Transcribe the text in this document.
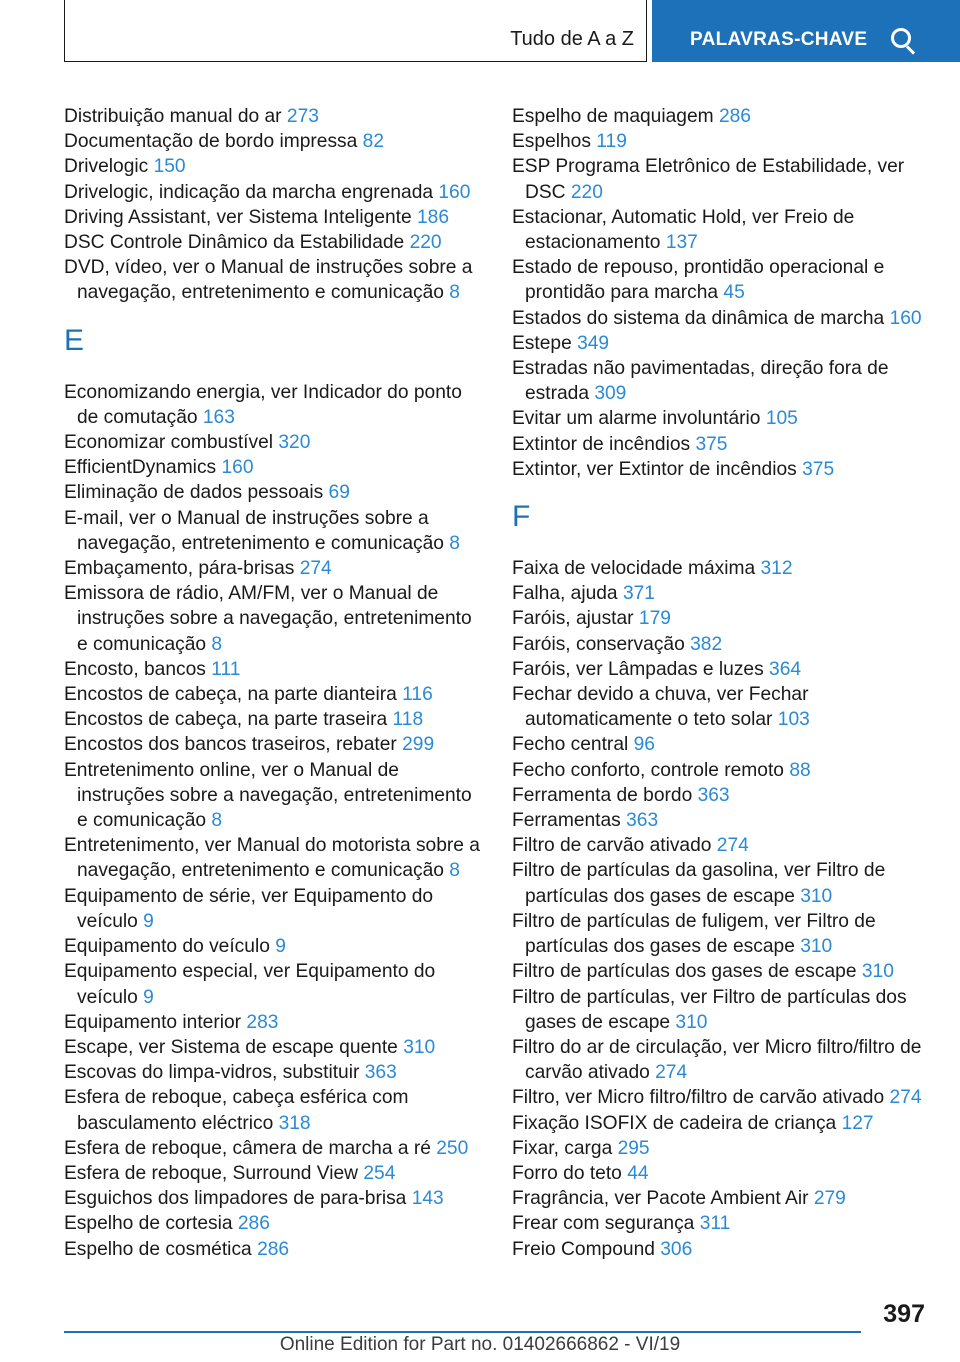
Tudo de A a Z	PALAVRAS-CHAVE

Distribuição manual do ar 273

Documentação de bordo impressa 82

Drivelogic 150

Drivelogic, indicação da marcha engrenada 160

Driving Assistant, ver Sistema Inteligente 186

DSC Controle Dinâmico da Estabilidade 220

DVD, vídeo, ver o Manual de instruções sobre a navegação, entretenimento e comunicação 8

E

Economizando energia, ver Indicador do ponto de comutação 163

Economizar combustível 320

EfficientDynamics 160

Eliminação de dados pessoais 69

E-mail, ver o Manual de instruções sobre a navegação, entretenimento e comunicação 8

Embaçamento, pára-brisas 274

Emissora de rádio, AM/FM, ver o Manual de instruções sobre a navegação, entretenimento e comunicação 8

Encosto, bancos 111

Encostos de cabeça, na parte dianteira 116

Encostos de cabeça, na parte traseira 118

Encostos dos bancos traseiros, rebater 299

Entretenimento online, ver o Manual de instruções sobre a navegação, entretenimento e comunicação 8

Entretenimento, ver Manual do motorista sobre a navegação, entretenimento e comunicação 8

Equipamento de série, ver Equipamento do veículo 9

Equipamento do veículo 9

Equipamento especial, ver Equipamento do veículo 9

Equipamento interior 283

Escape, ver Sistema de escape quente 310

Escovas do limpa-vidros, substituir 363

Esfera de reboque, cabeça esférica com basculamento eléctrico 318

Esfera de reboque, câmera de marcha a ré 250

Esfera de reboque, Surround View 254

Esguichos dos limpadores de para-brisa 143

Espelho de cortesia 286

Espelho de cosmética 286

Espelho de maquiagem 286

Espelhos 119

ESP Programa Eletrônico de Estabilidade, ver DSC 220

Estacionar, Automatic Hold, ver Freio de estacionamento 137

Estado de repouso, prontidão operacional e prontidão para marcha 45

Estados do sistema da dinâmica de marcha 160

Estepe 349

Estradas não pavimentadas, direção fora de estrada 309

Evitar um alarme involuntário 105

Extintor de incêndios 375

Extintor, ver Extintor de incêndios 375

F

Faixa de velocidade máxima 312

Falha, ajuda 371

Faróis, ajustar 179

Faróis, conservação 382

Faróis, ver Lâmpadas e luzes 364

Fechar devido a chuva, ver Fechar automaticamente o teto solar 103

Fecho central 96

Fecho conforto, controle remoto 88

Ferramenta de bordo 363

Ferramentas 363

Filtro de carvão ativado 274

Filtro de partículas da gasolina, ver Filtro de partículas dos gases de escape 310

Filtro de partículas de fuligem, ver Filtro de partículas dos gases de escape 310

Filtro de partículas dos gases de escape 310

Filtro de partículas, ver Filtro de partículas dos gases de escape 310

Filtro do ar de circulação, ver Micro filtro/filtro de carvão ativado 274

Filtro, ver Micro filtro/filtro de carvão ativado 274

Fixação ISOFIX de cadeira de criança 127

Fixar, carga 295

Forro do teto 44

Fragrância, ver Pacote Ambient Air 279

Frear com segurança 311

Freio Compound 306

397
Online Edition for Part no. 01402666862 - VI/19
